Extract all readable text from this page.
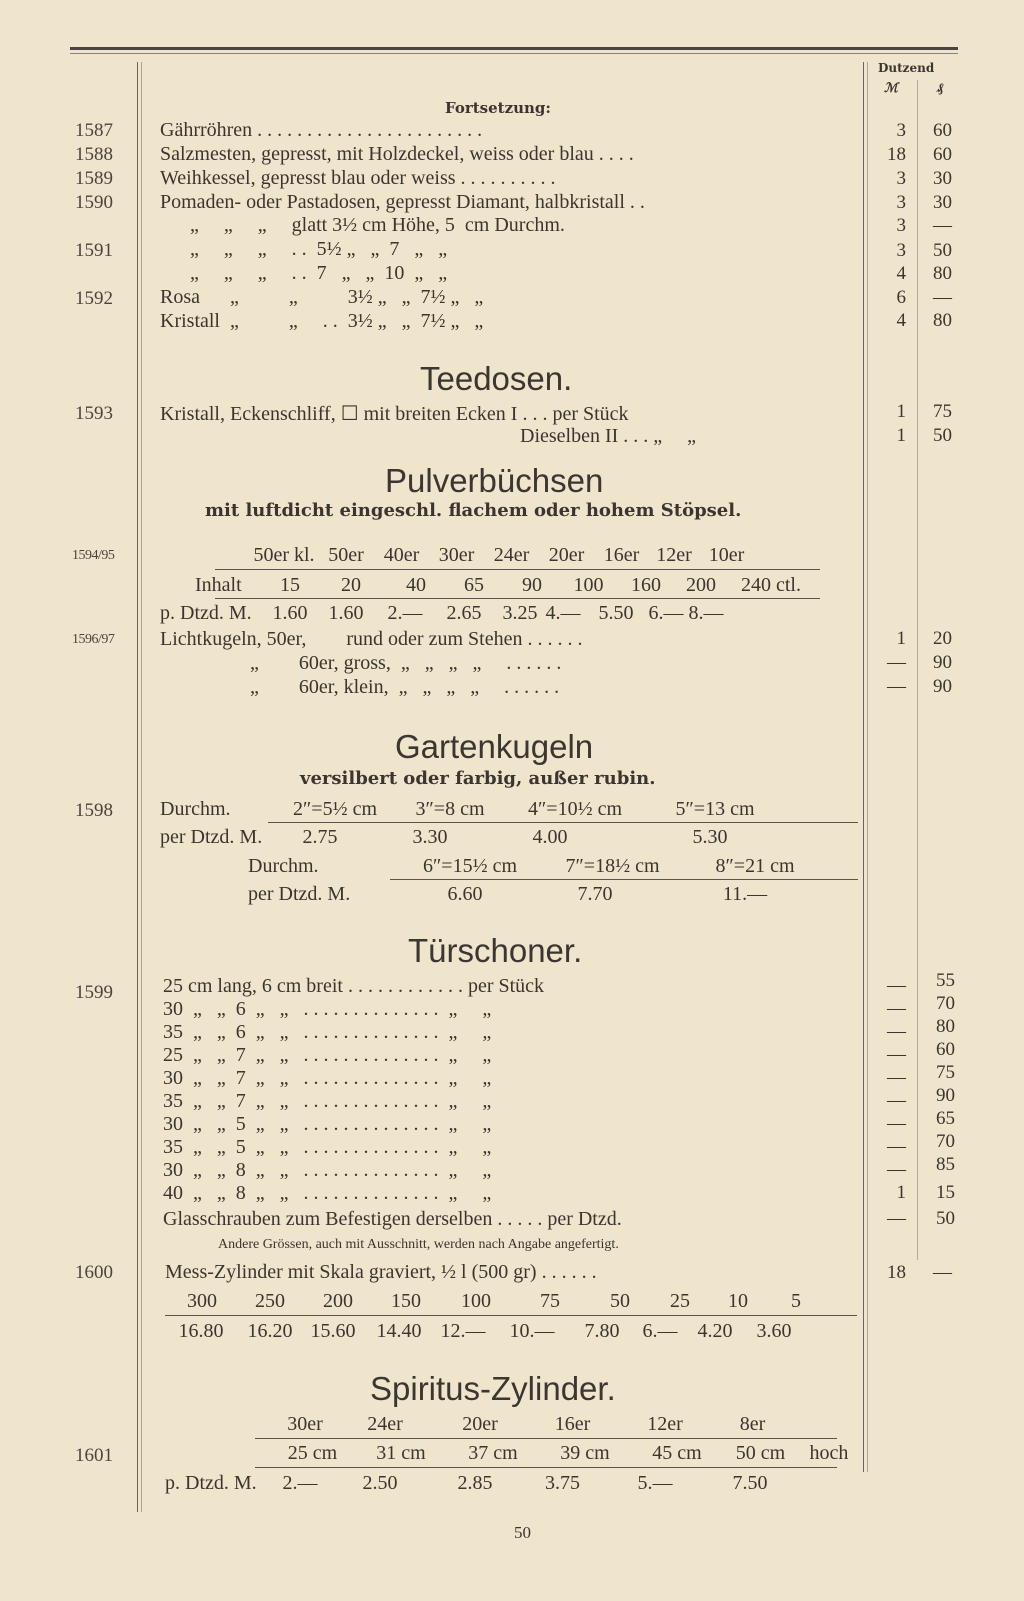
Dutzend
ℳ	₰
Fortsetzung:
1587 Gährröhren . . . . . . . . . . . . . . . . . . . . . . .	3	60
1588 Salzmesten, gepresst, mit Holzdeckel, weiss oder blau . . . .	18	60
1589 Weihkessel, gepresst blau oder weiss . . . . . . . . . .	3	30
1590 Pomaden- oder Pastadosen, gepresst Diamant, halbkristall . .	3	30
„     „     „     glatt 3½ cm Höhe, 5  cm Durchm.	3	—
1591	„     „     „     . .  5½ „   „  7   „   „	3	50
„     „     „     . .  7   „   „  10  „   „	4	80
1592 Rosa      „          „          3½ „   „  7½ „   „	6	—
Kristall  „          „     . .  3½ „   „  7½ „   „	4	80
Teedosen.
1593 Kristall, Eckenschliff, ☐ mit breiten Ecken I . . . per Stück	1	75
Dieselben II . . . „     „	1	50
Pulverbüchsen
mit luftdicht eingeschl. flachem oder hohem Stöpsel.
1594/95	50er kl. 50er 40er 30er 24er 20er 16er 12er 10er
Inhalt	15	20	40	65	90	100	160	200	240 ctl.
p. Dtzd. M. 1.60	1.60	2.—	2.65	3.25 4.— 5.50 6.— 8.—
1596/97 Lichtkugeln, 50er,        rund oder zum Stehen . . . . . .	1	20
„        60er, gross,  „   „   „   „     . . . . . .	—	90
„        60er, klein,  „   „   „   „     . . . . . .	—	90
Gartenkugeln
versilbert oder farbig, außer rubin.
1598 Durchm.	2″=5½ cm	3″=8 cm	4″=10½ cm	5″=13 cm
per Dtzd. M.	2.75	3.30	4.00	5.30
Durchm.	6″=15½ cm	7″=18½ cm	8″=21 cm
per Dtzd. M.	6.60	7.70	11.—
Türschoner.
1599	25 cm lang, 6 cm breit . . . . . . . . . . . . per Stück	—	55
30  „   „  6  „   „   . . . . . . . . . . . . . .  „     „	—	70
35  „   „  6  „   „   . . . . . . . . . . . . . .  „     „	—	80
25  „   „  7  „   „   . . . . . . . . . . . . . .  „     „	—	60
30  „   „  7  „   „   . . . . . . . . . . . . . .  „     „	—	75
35  „   „  7  „   „   . . . . . . . . . . . . . .  „     „	—	90
30  „   „  5  „   „   . . . . . . . . . . . . . .  „     „	—	65
35  „   „  5  „   „   . . . . . . . . . . . . . .  „     „	—	70
30  „   „  8  „   „   . . . . . . . . . . . . . .  „     „	—	85
40  „   „  8  „   „   . . . . . . . . . . . . . .  „     „	1	15
Glasschrauben zum Befestigen derselben . . . . . per Dtzd.	—	50
Andere Grössen, auch mit Ausschnitt, werden nach Angabe angefertigt.
1600	Mess-Zylinder mit Skala graviert, ½ l (500 gr) . . . . . .	18	—
300	250	200	150	100	75	50	25	10	5
16.80	16.20 15.60	14.40 12.—	10.—	7.80	6.—	4.20	3.60
Spiritus-Zylinder.
30er	24er	20er	16er	12er	8er
1601	25 cm	31 cm	37 cm	39 cm	45 cm	50 cm	hoch
p. Dtzd. M. 2.—	2.50	2.85	3.75	5.—	7.50
50
